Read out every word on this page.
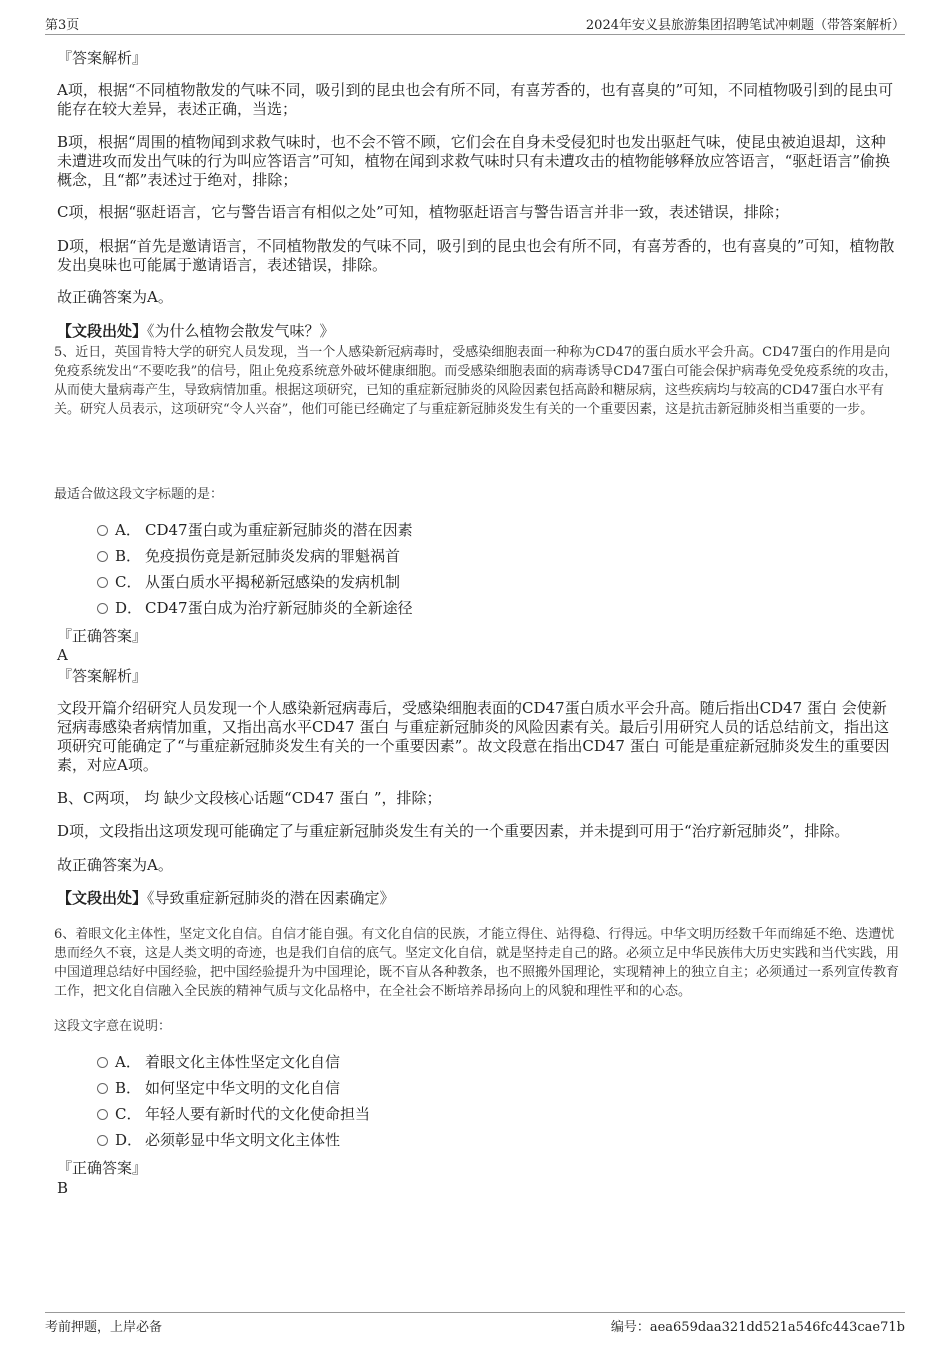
第3页	2024年安义县旅游集团招聘笔试冲刺题（带答案解析）
『答案解析』
A项，根据“不同植物散发的气味不同，吸引到的昆虫也会有所不同，有喜芳香的，也有喜臭的”可知，不同植物吸引到的昆虫可能存在较大差异，表述正确，当选；
B项，根据“周围的植物闻到求救气味时，也不会不管不顾，它们会在自身未受侵犯时也发出驱赶气味，使昆虫被迫退却，这种未遭进攻而发出气味的行为叫应答语言”可知，植物在闻到求救气味时只有未遭攻击的植物能够释放应答语言，“驱赶语言”偷换概念，且“都”表述过于绝对，排除；
C项，根据“驱赶语言，它与警告语言有相似之处”可知，植物驱赶语言与警告语言并非一致，表述错误，排除；
D项，根据“首先是邀请语言，不同植物散发的气味不同，吸引到的昆虫也会有所不同，有喜芳香的，也有喜臭的”可知，植物散发出臭味也可能属于邀请语言，表述错误，排除。
故正确答案为A。
【文段出处】《为什么植物会散发气味？》
5、近日，英国肯特大学的研究人员发现，当一个人感染新冠病毒时，受感染细胞表面一种称为CD47的蛋白质水平会升高。CD47蛋白的作用是向免疫系统发出“不要吃我”的信号，阻止免疫系统意外破坏健康细胞。而受感染细胞表面的病毒诱导CD47蛋白可能会保护病毒免受免疫系统的攻击，从而使大量病毒产生，导致病情加重。根据这项研究，已知的重症新冠肺炎的风险因素包括高龄和糖尿病，这些疾病均与较高的CD47蛋白水平有关。研究人员表示，这项研究“令人兴奋”，他们可能已经确定了与重症新冠肺炎发生有关的一个重要因素，这是抗击新冠肺炎相当重要的一步。
最适合做这段文字标题的是：
A． CD47蛋白或为重症新冠肺炎的潜在因素
B． 免疫损伤竟是新冠肺炎发病的罪魁祸首
C． 从蛋白质水平揭秘新冠感染的发病机制
D． CD47蛋白成为治疗新冠肺炎的全新途径
『正确答案』
A
『答案解析』
文段开篇介绍研究人员发现一个人感染新冠病毒后，受感染细胞表面的CD47蛋白质水平会升高。随后指出CD47 蛋白 会使新冠病毒感染者病情加重，又指出高水平CD47 蛋白 与重症新冠肺炎的风险因素有关。最后引用研究人员的话总结前文，指出这项研究可能确定了“与重症新冠肺炎发生有关的一个重要因素”。故文段意在指出CD47 蛋白 可能是重症新冠肺炎发生的重要因素，对应A项。
B、C两项， 均 缺少文段核心话题“CD47 蛋白 ”，排除；
D项，文段指出这项发现可能确定了与重症新冠肺炎发生有关的一个重要因素，并未提到可用于“治疗新冠肺炎”，排除。
故正确答案为A。
【文段出处】《导致重症新冠肺炎的潜在因素确定》
6、着眼文化主体性，坚定文化自信。自信才能自强。有文化自信的民族，才能立得住、站得稳、行得远。中华文明历经数千年而绵延不绝、迭遭忧患而经久不衰，这是人类文明的奇迹，也是我们自信的底气。坚定文化自信，就是坚持走自己的路。必须立足中华民族伟大历史实践和当代实践，用中国道理总结好中国经验，把中国经验提升为中国理论，既不盲从各种教条，也不照搬外国理论，实现精神上的独立自主；必须通过一系列宣传教育工作，把文化自信融入全民族的精神气质与文化品格中，在全社会不断培养昂扬向上的风貌和理性平和的心态。
这段文字意在说明：
A． 着眼文化主体性坚定文化自信
B． 如何坚定中华文明的文化自信
C． 年轻人要有新时代的文化使命担当
D． 必须彰显中华文明文化主体性
『正确答案』
B
考前押题，上岸必备	编号：aea659daa321dd521a546fc443cae71b
